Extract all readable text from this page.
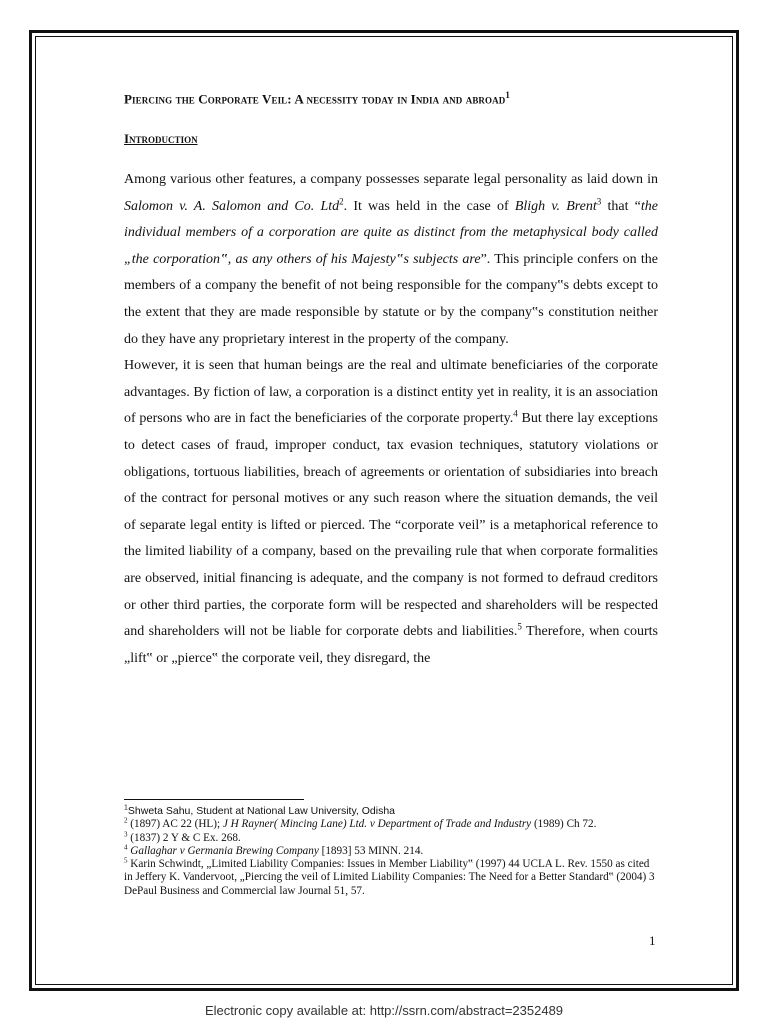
Piercing the Corporate Veil: A necessity today in India and abroad$^1$
Introduction

Among various other features, a company possesses separate legal personality as laid down in Salomon v. A. Salomon and Co. Ltd$^2$. It was held in the case of Bligh v. Brent$^3$ that “the individual members of a corporation are quite as distinct from the metaphysical body called „the corporation‟, as any others of his Majesty‟s subjects are”. This principle confers on the members of a company the benefit of not being responsible for the company‟s debts except to the extent that they are made responsible by statute or by the company‟s constitution neither do they have any proprietary interest in the property of the company.

However, it is seen that human beings are the real and ultimate beneficiaries of the corporate advantages. By fiction of law, a corporation is a distinct entity yet in reality, it is an association of persons who are in fact the beneficiaries of the corporate property.$^4$ But there lay exceptions to detect cases of fraud, improper conduct, tax evasion techniques, statutory violations or obligations, tortuous liabilities, breach of agreements or orientation of subsidiaries into breach of the contract for personal motives or any such reason where the situation demands, the veil of separate legal entity is lifted or pierced. The “corporate veil” is a metaphorical reference to the limited liability of a company, based on the prevailing rule that when corporate formalities are observed, initial financing is adequate, and the company is not formed to defraud creditors or other third parties, the corporate form will be respected and shareholders will be respected and shareholders will not be liable for corporate debts and liabilities.$^5$ Therefore, when courts „lift‟ or „pierce‟ the corporate veil, they disregard, the

$^1$Shweta Sahu, Student at National Law University, Odisha

$^2$ (1897) AC 22 (HL); J H Rayner( Mincing Lane) Ltd. v Department of Trade and Industry (1989) Ch 72.

$^3$ (1837) 2 Y & C Ex. 268.

$^4$ Gallaghar v Germania Brewing Company [1893] 53 MINN. 214.

$^5$ Karin Schwindt, „Limited Liability Companies: Issues in Member Liability‟ (1997) 44 UCLA L. Rev. 1550 as cited in Jeffery K. Vandervoot, „Piercing the veil of Limited Liability Companies: The Need for a Better Standard‟ (2004) 3 DePaul Business and Commercial law Journal 51, 57.

1
Electronic copy available at: http://ssrn.com/abstract=2352489
